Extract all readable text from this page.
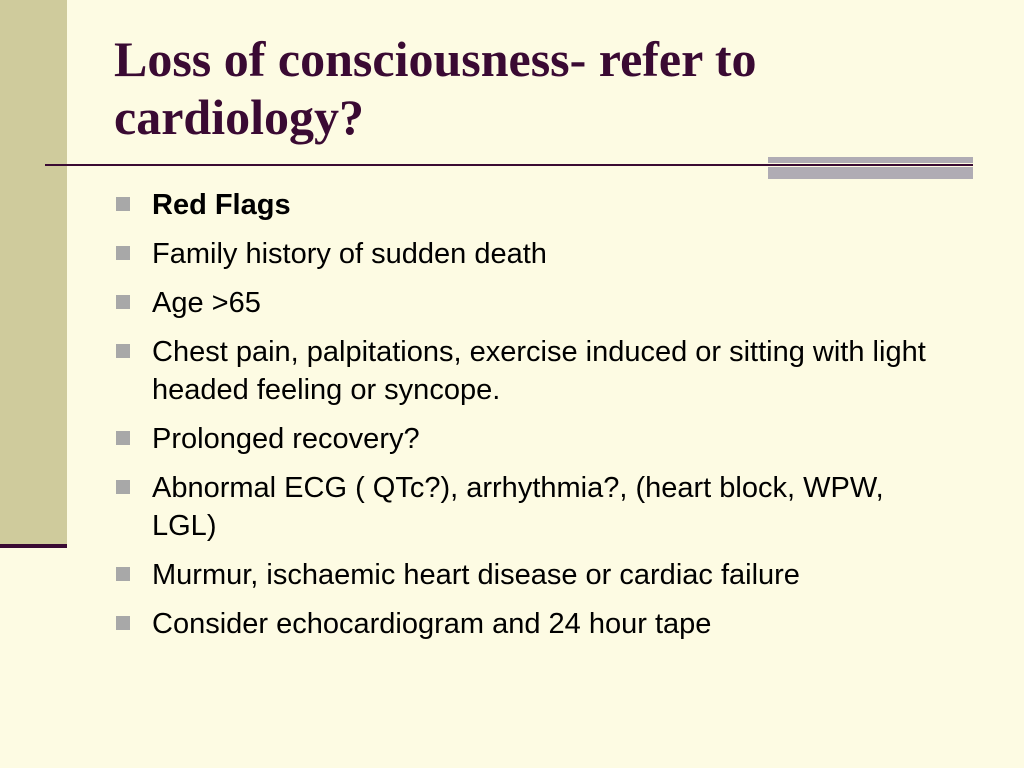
Loss of consciousness- refer to cardiology?
Red Flags
Family history of sudden death
Age >65
Chest pain, palpitations, exercise induced or sitting with light headed feeling or syncope.
Prolonged recovery?
Abnormal ECG ( QTc?), arrhythmia?, (heart block, WPW, LGL)
Murmur, ischaemic heart disease or cardiac failure
Consider echocardiogram and 24 hour tape
